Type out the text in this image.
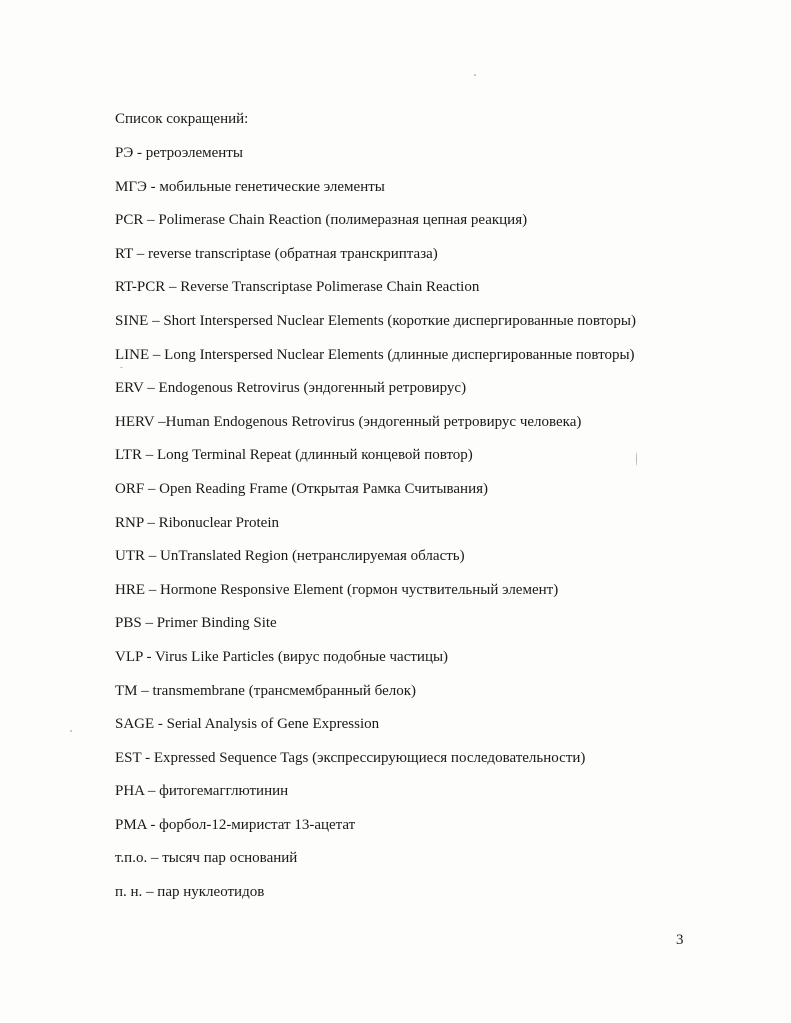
Список сокращений:
РЭ - ретроэлементы
МГЭ - мобильные генетические элементы
PCR – Polimerase Chain Reaction (полимеразная цепная реакция)
RT – reverse transcriptase (обратная транскриптаза)
RT-PCR – Reverse Transcriptase Polimerase Chain Reaction
SINE – Short Interspersed Nuclear Elements (короткие диспергированные повторы)
LINE – Long Interspersed Nuclear Elements (длинные диспергированные повторы)
ERV – Endogenous Retrovirus (эндогенный ретровирус)
HERV –Human Endogenous Retrovirus (эндогенный ретровирус человека)
LTR – Long Terminal Repeat (длинный концевой повтор)
ORF – Open Reading Frame (Открытая Рамка Считывания)
RNP – Ribonuclear Protein
UTR – UnTranslated Region (нетранслируемая область)
HRE – Hormone Responsive Element (гормон чуствительный элемент)
PBS – Primer Binding Site
VLP - Virus Like Particles (вирус подобные частицы)
TM – transmembrane (трансмембранный белок)
SAGE - Serial Analysis of Gene Expression
EST - Expressed Sequence Tags (экспрессирующиеся последовательности)
PHA – фитогемагглютинин
PMA - форбол-12-миристат 13-ацетат
т.п.о. – тысяч пар оснований
п. н. – пар нуклеотидов
3
